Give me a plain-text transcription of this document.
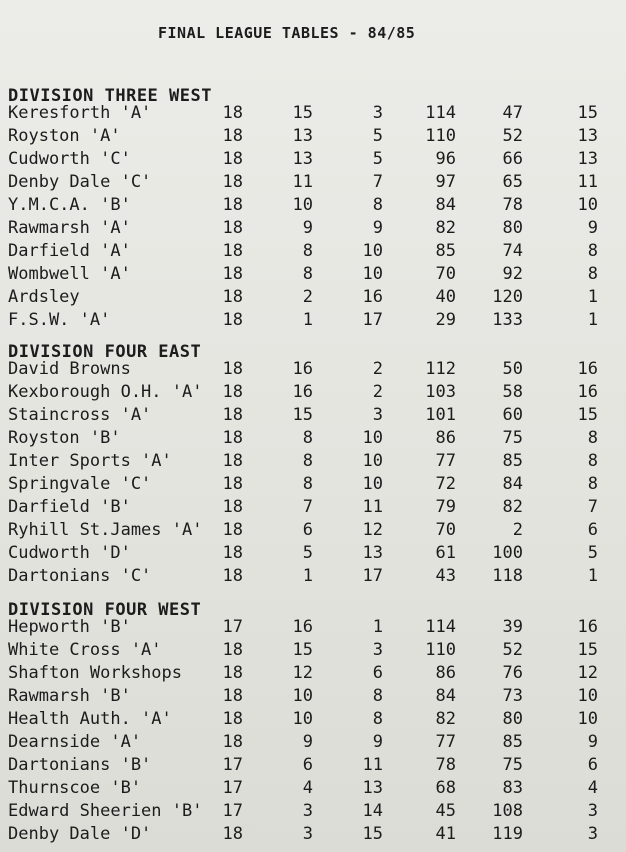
FINAL LEAGUE TABLES - 84/85
DIVISION THREE WEST
Keresforth 'A'	18	15	3	114	47	15
Royston 'A'	18	13	5	110	52	13
Cudworth 'C'	18	13	5	96	66	13
Denby Dale 'C'	18	11	7	97	65	11
Y.M.C.A. 'B'	18	10	8	84	78	10
Rawmarsh 'A'	18	9	9	82	80	9
Darfield 'A'	18	8	10	85	74	8
Wombwell 'A'	18	8	10	70	92	8
Ardsley	18	2	16	40	120	1
F.S.W. 'A'	18	1	17	29	133	1
DIVISION FOUR EAST
David Browns	18	16	2	112	50	16
Kexborough O.H. 'A'	18	16	2	103	58	16
Staincross 'A'	18	15	3	101	60	15
Royston 'B'	18	8	10	86	75	8
Inter Sports 'A'	18	8	10	77	85	8
Springvale 'C'	18	8	10	72	84	8
Darfield 'B'	18	7	11	79	82	7
Ryhill St.James 'A'	18	6	12	70	2	6
Cudworth 'D'	18	5	13	61	100	5
Dartonians 'C'	18	1	17	43	118	1
DIVISION FOUR WEST
Hepworth 'B'	17	16	1	114	39	16
White Cross 'A'	18	15	3	110	52	15
Shafton Workshops	18	12	6	86	76	12
Rawmarsh 'B'	18	10	8	84	73	10
Health Auth. 'A'	18	10	8	82	80	10
Dearnside 'A'	18	9	9	77	85	9
Dartonians 'B'	17	6	11	78	75	6
Thurnscoe 'B'	17	4	13	68	83	4
Edward Sheerien 'B'	17	3	14	45	108	3
Denby Dale 'D'	18	3	15	41	119	3
